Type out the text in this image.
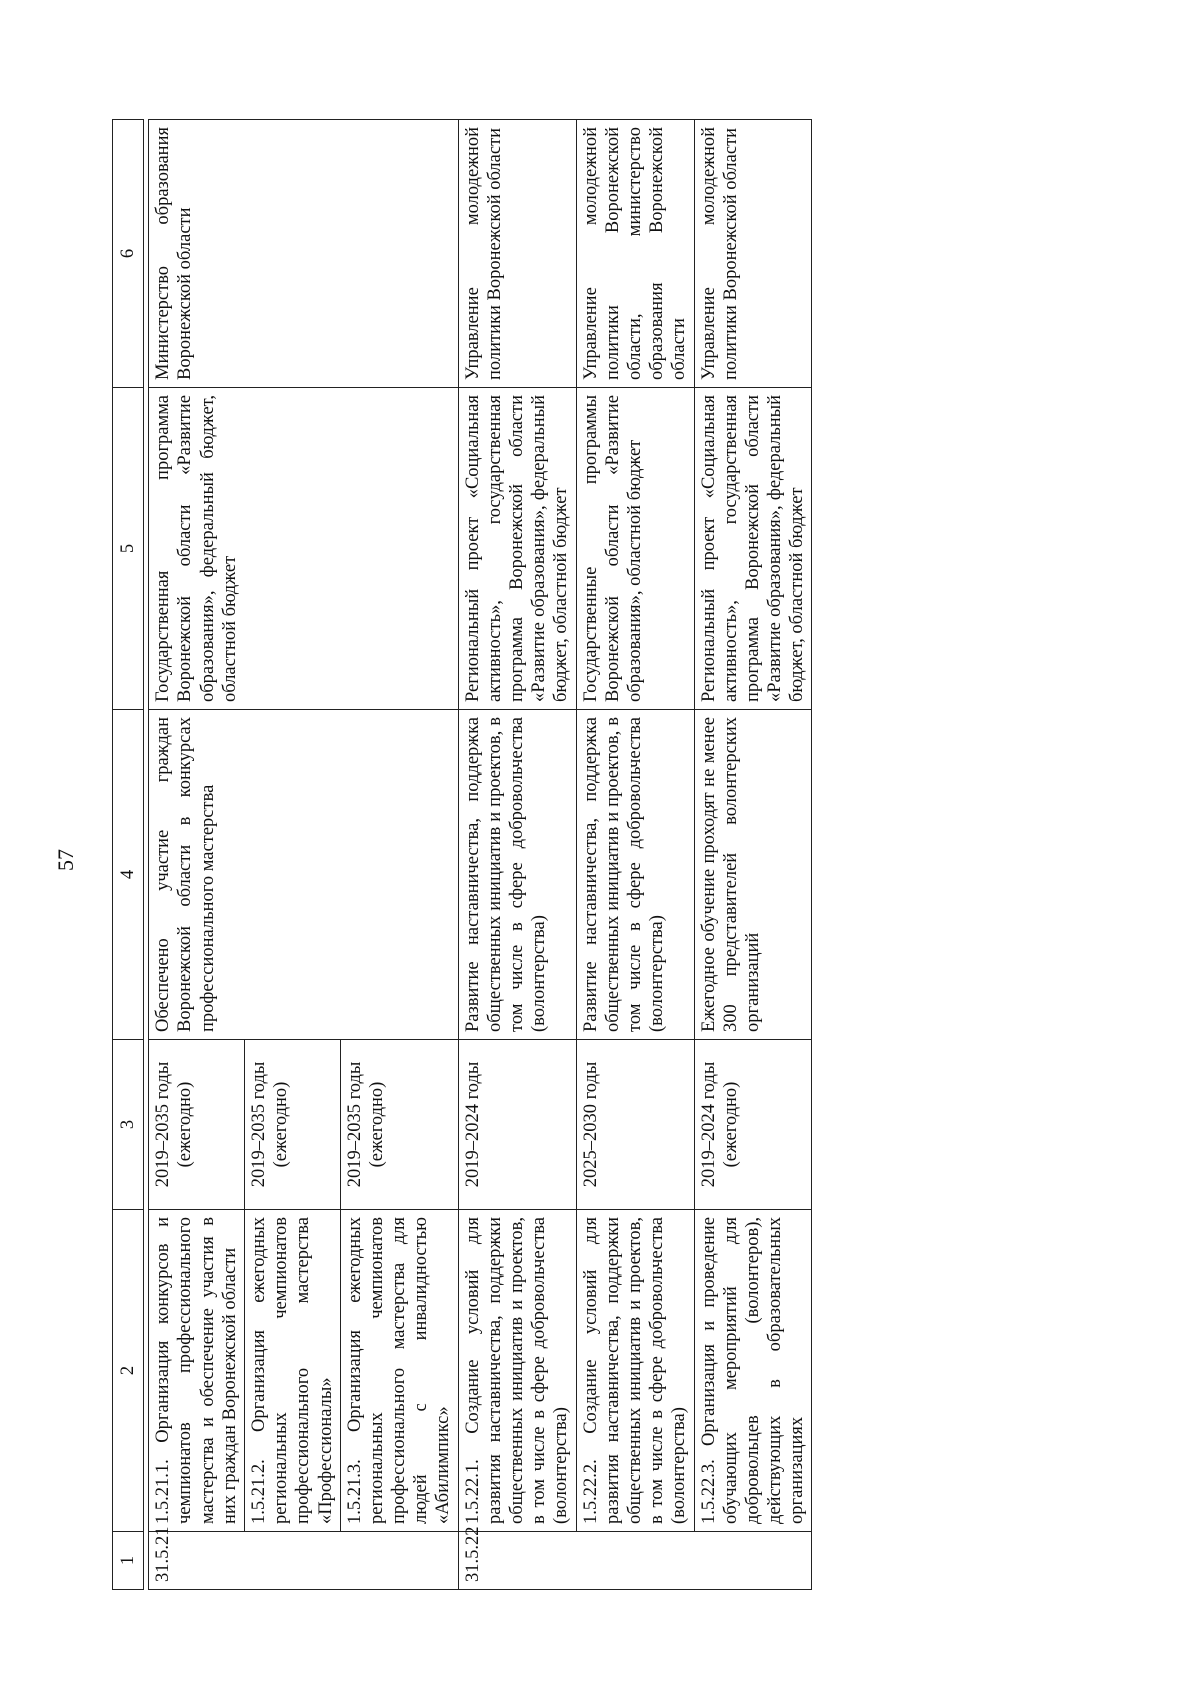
57
1	2	3	4	5	6

31.5.21	1.5.21.1. Организация конкурсов и чемпионатов профессионального мастерства и обеспечение участия в них граждан Воронежской области	2019–2035 годы (ежегодно)	Обеспечено участие граждан Воронежской области в конкурсах профессионального мастерства	Государственная программа Воронежской области «Развитие образования», федеральный бюджет, областной бюджет	Министерство образования Воронежской области
	1.5.21.2. Организация ежегодных региональных чемпионатов профессионального мастерства «Профессионалы»	2019–2035 годы (ежегодно)			
	1.5.21.3. Организация ежегодных региональных чемпионатов профессионального мастерства для людей с инвалидностью «Абилимпикс»	2019–2035 годы (ежегодно)			
31.5.22	1.5.22.1. Создание условий для развития наставничества, поддержки общественных инициатив и проектов, в том числе в сфере добровольчества (волонтерства)	2019–2024 годы	Развитие наставничества, поддержка общественных инициатив и проектов, в том числе в сфере добровольчества (волонтерства)	Региональный проект «Социальная активность», государственная программа Воронежской области «Развитие образования», федеральный бюджет, областной бюджет	Управление молодежной политики Воронежской области
	1.5.22.2. Создание условий для развития наставничества, поддержки общественных инициатив и проектов, в том числе в сфере добровольчества (волонтерства)	2025–2030 годы	Развитие наставничества, поддержка общественных инициатив и проектов, в том числе в сфере добровольчества (волонтерства)	Государственные программы Воронежской области «Развитие образования», областной бюджет	Управление молодежной политики Воронежской области, министерство образования Воронежской области
	1.5.22.3. Организация и проведение обучающих мероприятий для добровольцев (волонтеров), действующих в образовательных организациях	2019–2024 годы (ежегодно)	Ежегодное обучение проходят не менее 300 представителей волонтерских организаций	Региональный проект «Социальная активность», государственная программа Воронежской области «Развитие образования», федеральный бюджет, областной бюджет	Управление молодежной политики Воронежской области
